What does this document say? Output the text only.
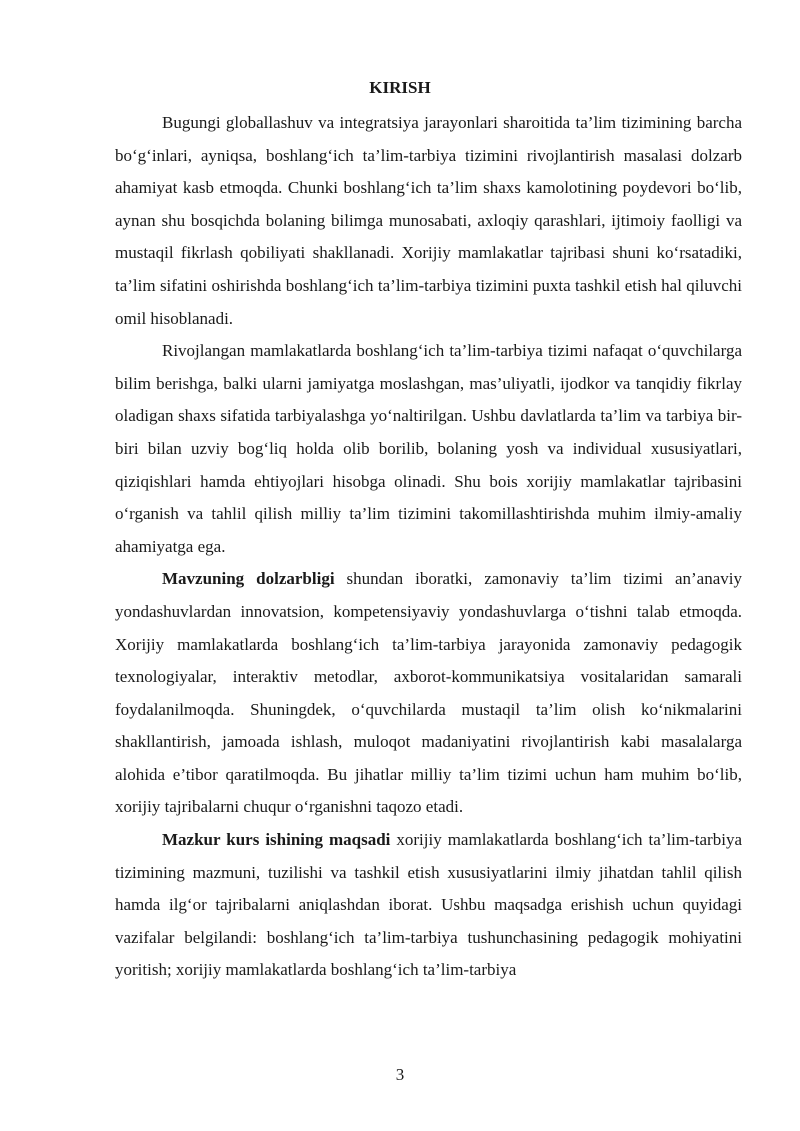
KIRISH

Bugungi globallashuv va integratsiya jarayonlari sharoitida ta’lim tizimining barcha bo‘g‘inlari, ayniqsa, boshlang‘ich ta’lim-tarbiya tizimini rivojlantirish masalasi dolzarb ahamiyat kasb etmoqda. Chunki boshlang‘ich ta’lim shaxs kamolotining poydevori bo‘lib, aynan shu bosqichda bolaning bilimga munosabati, axloqiy qarashlari, ijtimoiy faolligi va mustaqil fikrlash qobiliyati shakllanadi. Xorijiy mamlakatlar tajribasi shuni ko‘rsatadiki, ta’lim sifatini oshirishda boshlang‘ich ta’lim-tarbiya tizimini puxta tashkil etish hal qiluvchi omil hisoblanadi.

Rivojlangan mamlakatlarda boshlang‘ich ta’lim-tarbiya tizimi nafaqat o‘quvchilarga bilim berishga, balki ularni jamiyatga moslashgan, mas’uliyatli, ijodkor va tanqidiy fikrlay oladigan shaxs sifatida tarbiyalashga yo‘naltirilgan. Ushbu davlatlarda ta’lim va tarbiya bir-biri bilan uzviy bog‘liq holda olib borilib, bolaning yosh va individual xususiyatlari, qiziqishlari hamda ehtiyojlari hisobga olinadi. Shu bois xorijiy mamlakatlar tajribasini o‘rganish va tahlil qilish milliy ta’lim tizimini takomillashtirishda muhim ilmiy-amaliy ahamiyatga ega.

Mavzuning dolzarbligi shundan iboratki, zamonaviy ta’lim tizimi an’anaviy yondashuvlardan innovatsion, kompetensiyaviy yondashuvlarga o‘tishni talab etmoqda. Xorijiy mamlakatlarda boshlang‘ich ta’lim-tarbiya jarayonida zamonaviy pedagogik texnologiyalar, interaktiv metodlar, axborot-kommunikatsiya vositalaridan samarali foydalanilmoqda. Shuningdek, o‘quvchilarda mustaqil ta’lim olish ko‘nikmalarini shakllantirish, jamoada ishlash, muloqot madaniyatini rivojlantirish kabi masalalarga alohida e’tibor qaratilmoqda. Bu jihatlar milliy ta’lim tizimi uchun ham muhim bo‘lib, xorijiy tajribalarni chuqur o‘rganishni taqozo etadi.

Mazkur kurs ishining maqsadi xorijiy mamlakatlarda boshlang‘ich ta’lim-tarbiya tizimining mazmuni, tuzilishi va tashkil etish xususiyatlarini ilmiy jihatdan tahlil qilish hamda ilg‘or tajribalarni aniqlashdan iborat. Ushbu maqsadga erishish uchun quyidagi vazifalar belgilandi: boshlang‘ich ta’lim-tarbiya tushunchasining pedagogik mohiyatini yoritish; xorijiy mamlakatlarda boshlang‘ich ta’lim-tarbiya

3
